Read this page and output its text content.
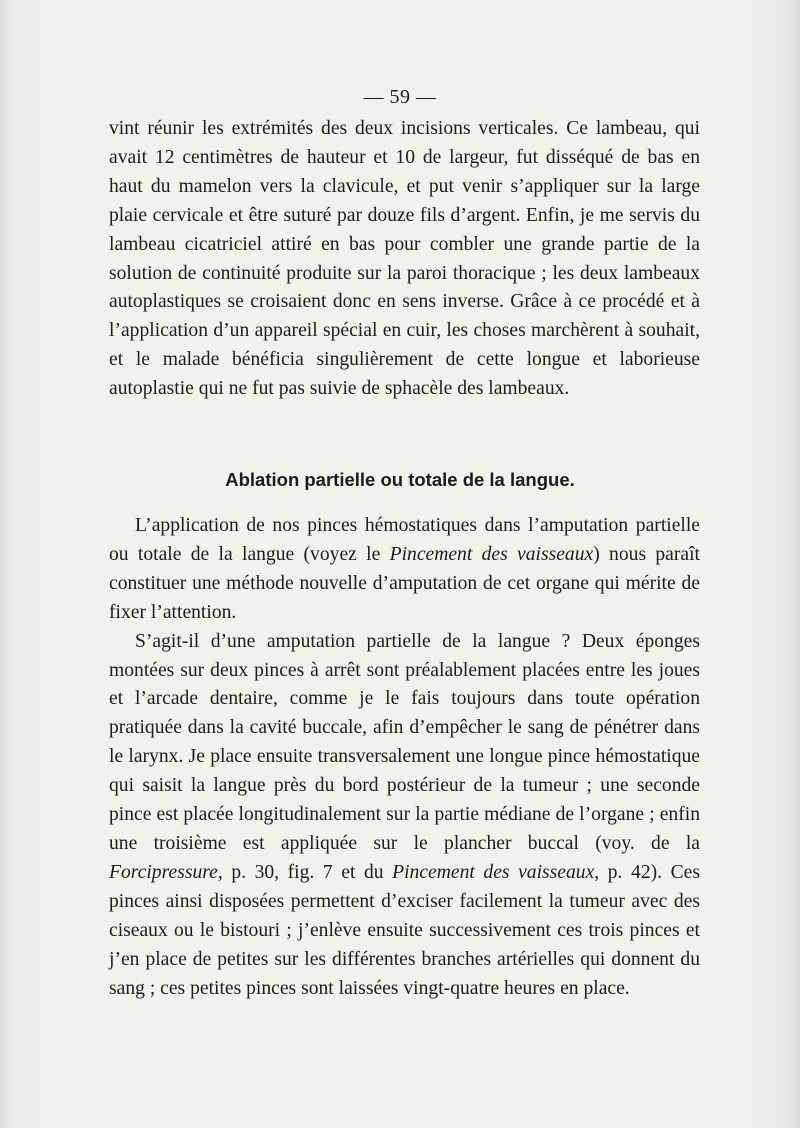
— 59 —

vint réunir les extrémités des deux incisions verticales. Ce lambeau, qui avait 12 centimètres de hauteur et 10 de largeur, fut disséqué de bas en haut du mamelon vers la clavicule, et put venir s’appliquer sur la large plaie cervicale et être suturé par douze fils d’argent. Enfin, je me servis du lambeau cicatriciel attiré en bas pour combler une grande partie de la solution de continuité produite sur la paroi thoracique ; les deux lambeaux autoplastiques se croisaient donc en sens inverse. Grâce à ce procédé et à l’application d’un appareil spécial en cuir, les choses marchèrent à souhait, et le malade bénéficia singulièrement de cette longue et laborieuse autoplastie qui ne fut pas suivie de sphacèle des lambeaux.

Ablation partielle ou totale de la langue.

L’application de nos pinces hémostatiques dans l’amputation partielle ou totale de la langue (voyez le Pincement des vaisseaux) nous paraît constituer une méthode nouvelle d’amputation de cet organe qui mérite de fixer l’attention.

S’agit-il d’une amputation partielle de la langue ? Deux éponges montées sur deux pinces à arrêt sont préalablement placées entre les joues et l’arcade dentaire, comme je le fais toujours dans toute opération pratiquée dans la cavité buccale, afin d’empêcher le sang de pénétrer dans le larynx. Je place ensuite transversalement une longue pince hémostatique qui saisit la langue près du bord postérieur de la tumeur ; une seconde pince est placée longitudinalement sur la partie médiane de l’organe ; enfin une troisième est appliquée sur le plancher buccal (voy. de la Forcipressure, p. 30, fig. 7 et du Pincement des vaisseaux, p. 42). Ces pinces ainsi disposées permettent d’exciser facilement la tumeur avec des ciseaux ou le bistouri ; j’enlève ensuite successivement ces trois pinces et j’en place de petites sur les différentes branches artérielles qui donnent du sang ; ces petites pinces sont laissées vingt-quatre heures en place.
